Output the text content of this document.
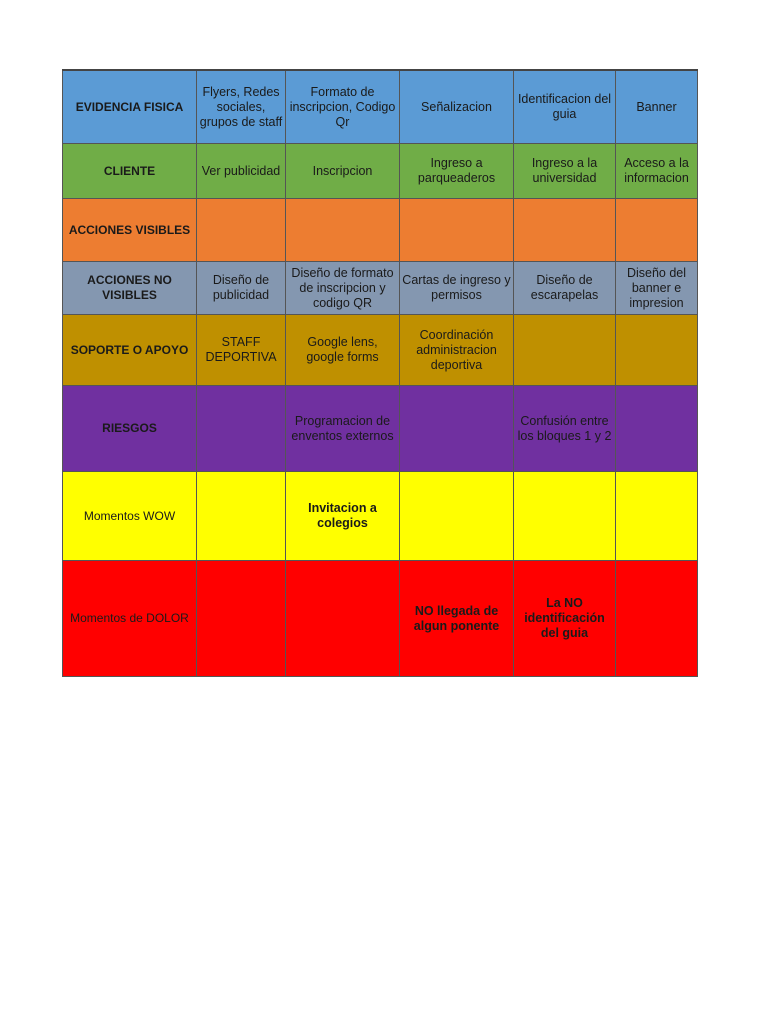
EVIDENCIA FISICA	Flyers, Redes sociales, grupos de staff	Formato de inscripcion, Codigo Qr	Señalizacion	Identificacion del guia	Banner
CLIENTE	Ver publicidad	Inscripcion	Ingreso a parqueaderos	Ingreso a la universidad	Acceso a la informacion
ACCIONES VISIBLES					
ACCIONES NO VISIBLES	Diseño de publicidad	Diseño de formato de inscripcion y codigo QR	Cartas de ingreso y permisos	Diseño de escarapelas	Diseño del banner e impresion
SOPORTE O APOYO	STAFF DEPORTIVA	Google lens, google forms	Coordinación administracion deportiva		
RIESGOS		Programacion de enventos externos		Confusión entre los bloques 1 y 2	
Momentos WOW		Invitacion a colegios			
Momentos de DOLOR			NO llegada de algun ponente	La NO identificación del guia	
